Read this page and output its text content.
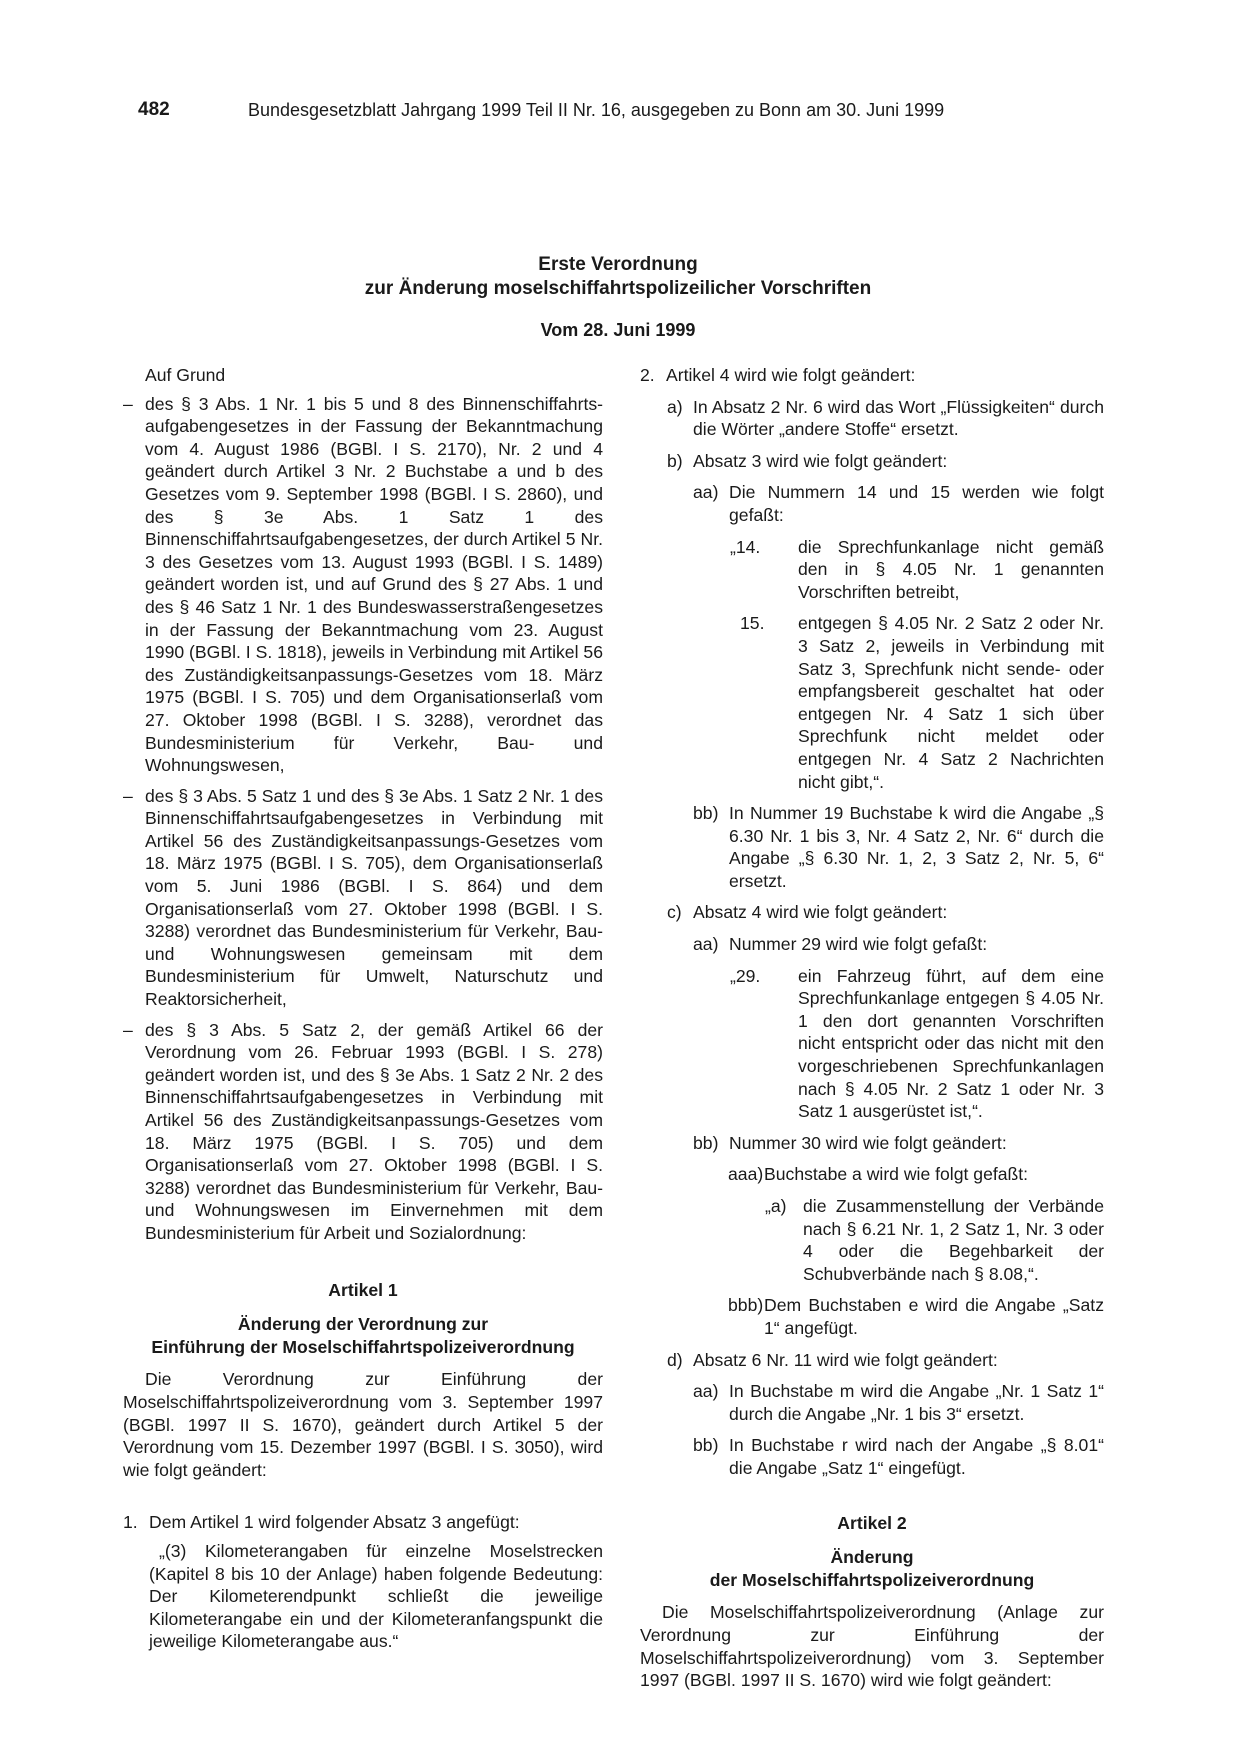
482	Bundesgesetzblatt Jahrgang 1999 Teil II Nr. 16, ausgegeben zu Bonn am 30. Juni 1999
Erste Verordnung
zur Änderung moselschiffahrtspolizeilicher Vorschriften
Vom 28. Juni 1999

Auf Grund

– des § 3 Abs. 1 Nr. 1 bis 5 und 8 des Binnenschiffahrts-aufgabengesetzes in der Fassung der Bekanntmachung vom 4. August 1986 (BGBl. I S. 2170), Nr. 2 und 4 geändert durch Artikel 3 Nr. 2 Buchstabe a und b des Gesetzes vom 9. September 1998 (BGBl. I S. 2860), und des § 3e Abs. 1 Satz 1 des Binnenschiffahrtsaufgabengesetzes, der durch Artikel 5 Nr. 3 des Gesetzes vom 13. August 1993 (BGBl. I S. 1489) geändert worden ist, und auf Grund des § 27 Abs. 1 und des § 46 Satz 1 Nr. 1 des Bundeswasserstraßengesetzes in der Fassung der Bekanntmachung vom 23. August 1990 (BGBl. I S. 1818), jeweils in Verbindung mit Artikel 56 des Zuständigkeitsanpassungs-Gesetzes vom 18. März 1975 (BGBl. I S. 705) und dem Organisationserlaß vom 27. Oktober 1998 (BGBl. I S. 3288), verordnet das Bundesministerium für Verkehr, Bau- und Wohnungswesen,

– des § 3 Abs. 5 Satz 1 und des § 3e Abs. 1 Satz 2 Nr. 1 des Binnenschiffahrtsaufgabengesetzes in Verbindung mit Artikel 56 des Zuständigkeitsanpassungs-Gesetzes vom 18. März 1975 (BGBl. I S. 705), dem Organisationserlaß vom 5. Juni 1986 (BGBl. I S. 864) und dem Organisationserlaß vom 27. Oktober 1998 (BGBl. I S. 3288) verordnet das Bundesministerium für Verkehr, Bau- und Wohnungswesen gemeinsam mit dem Bundesministerium für Umwelt, Naturschutz und Reaktorsicherheit,

– des § 3 Abs. 5 Satz 2, der gemäß Artikel 66 der Verordnung vom 26. Februar 1993 (BGBl. I S. 278) geändert worden ist, und des § 3e Abs. 1 Satz 2 Nr. 2 des Binnenschiffahrtsaufgabengesetzes in Verbindung mit Artikel 56 des Zuständigkeitsanpassungs-Gesetzes vom 18. März 1975 (BGBl. I S. 705) und dem Organisationserlaß vom 27. Oktober 1998 (BGBl. I S. 3288) verordnet das Bundesministerium für Verkehr, Bau- und Wohnungswesen im Einvernehmen mit dem Bundesministerium für Arbeit und Sozialordnung:

Artikel 1

Änderung der Verordnung zur
Einführung der Moselschiffahrtspolizeiverordnung

Die Verordnung zur Einführung der Moselschiffahrtspolizeiverordnung vom 3. September 1997 (BGBl. 1997 II S. 1670), geändert durch Artikel 5 der Verordnung vom 15. Dezember 1997 (BGBl. I S. 3050), wird wie folgt geändert:

1. Dem Artikel 1 wird folgender Absatz 3 angefügt:

„(3) Kilometerangaben für einzelne Moselstrecken (Kapitel 8 bis 10 der Anlage) haben folgende Bedeutung: Der Kilometerendpunkt schließt die jeweilige Kilometerangabe ein und der Kilometeranfangspunkt die jeweilige Kilometerangabe aus.“

2. Artikel 4 wird wie folgt geändert:

a) In Absatz 2 Nr. 6 wird das Wort „Flüssigkeiten“ durch die Wörter „andere Stoffe“ ersetzt.

b) Absatz 3 wird wie folgt geändert:

aa) Die Nummern 14 und 15 werden wie folgt gefaßt:

„14. die Sprechfunkanlage nicht gemäß den in § 4.05 Nr. 1 genannten Vorschriften betreibt,

15. entgegen § 4.05 Nr. 2 Satz 2 oder Nr. 3 Satz 2, jeweils in Verbindung mit Satz 3, Sprechfunk nicht sende- oder empfangsbereit geschaltet hat oder entgegen Nr. 4 Satz 1 sich über Sprechfunk nicht meldet oder entgegen Nr. 4 Satz 2 Nachrichten nicht gibt,“.

bb) In Nummer 19 Buchstabe k wird die Angabe „§ 6.30 Nr. 1 bis 3, Nr. 4 Satz 2, Nr. 6“ durch die Angabe „§ 6.30 Nr. 1, 2, 3 Satz 2, Nr. 5, 6“ ersetzt.

c) Absatz 4 wird wie folgt geändert:

aa) Nummer 29 wird wie folgt gefaßt:

„29. ein Fahrzeug führt, auf dem eine Sprechfunkanlage entgegen § 4.05 Nr. 1 den dort genannten Vorschriften nicht entspricht oder das nicht mit den vorgeschriebenen Sprechfunkanlagen nach § 4.05 Nr. 2 Satz 1 oder Nr. 3 Satz 1 ausgerüstet ist,“.

bb) Nummer 30 wird wie folgt geändert:

aaa) Buchstabe a wird wie folgt gefaßt:

„a) die Zusammenstellung der Verbände nach § 6.21 Nr. 1, 2 Satz 1, Nr. 3 oder 4 oder die Begehbarkeit der Schubverbände nach § 8.08,“.

bbb) Dem Buchstaben e wird die Angabe „Satz 1“ angefügt.

d) Absatz 6 Nr. 11 wird wie folgt geändert:

aa) In Buchstabe m wird die Angabe „Nr. 1 Satz 1“ durch die Angabe „Nr. 1 bis 3“ ersetzt.

bb) In Buchstabe r wird nach der Angabe „§ 8.01“ die Angabe „Satz 1“ eingefügt.

Artikel 2

Änderung
der Moselschiffahrtspolizeiverordnung

Die Moselschiffahrtspolizeiverordnung (Anlage zur Verordnung zur Einführung der Moselschiffahrtspolizeiverordnung) vom 3. September 1997 (BGBl. 1997 II S. 1670) wird wie folgt geändert:
